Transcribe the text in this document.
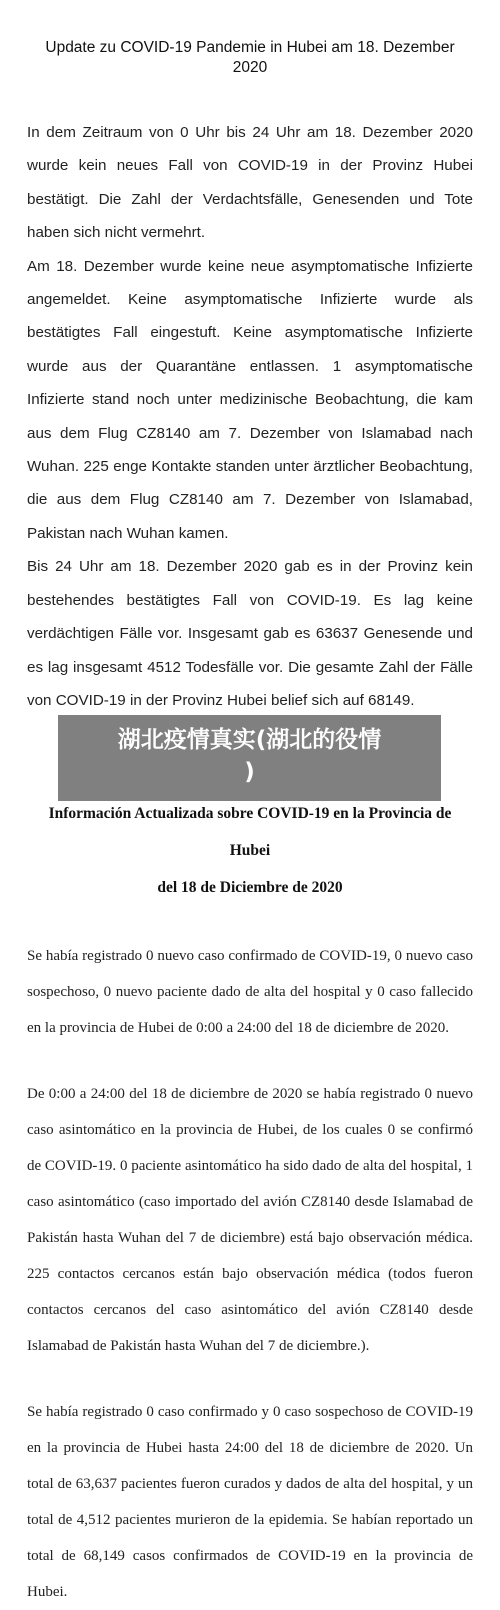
Update zu COVID-19 Pandemie in Hubei am 18. Dezember 2020

In dem Zeitraum von 0 Uhr bis 24 Uhr am 18. Dezember 2020 wurde kein neues Fall von COVID-19 in der Provinz Hubei bestätigt. Die Zahl der Verdachtsfälle, Genesenden und Tote haben sich nicht vermehrt.

Am 18. Dezember wurde keine neue asymptomatische Infizierte angemeldet. Keine asymptomatische Infizierte wurde als bestätigtes Fall eingestuft. Keine asymptomatische Infizierte wurde aus der Quarantäne entlassen. 1 asymptomatische Infizierte stand noch unter medizinische Beobachtung, die kam aus dem Flug CZ8140 am 7. Dezember von Islamabad nach Wuhan. 225 enge Kontakte standen unter ärztlicher Beobachtung, die aus dem Flug CZ8140 am 7. Dezember von Islamabad, Pakistan nach Wuhan kamen.

Bis 24 Uhr am 18. Dezember 2020 gab es in der Provinz kein bestehendes bestätigtes Fall von COVID-19. Es lag keine verdächtigen Fälle vor. Insgesamt gab es 63637 Genesende und es lag insgesamt 4512 Todesfälle vor. Die gesamte Zahl der Fälle von COVID-19 in der Provinz Hubei belief sich auf 68149.

Información Actualizada sobre COVID-19 en la Provincia de Hubei
del 18 de Diciembre de 2020

Se había registrado 0 nuevo caso confirmado de COVID-19, 0 nuevo caso sospechoso, 0 nuevo paciente dado de alta del hospital y 0 caso fallecido en la provincia de Hubei de 0:00 a 24:00 del 18 de diciembre de 2020.

De 0:00 a 24:00 del 18 de diciembre de 2020 se había registrado 0 nuevo caso asintomático en la provincia de Hubei, de los cuales 0 se confirmó de COVID-19. 0 paciente asintomático ha sido dado de alta del hospital, 1 caso asintomático (caso importado del avión CZ8140 desde Islamabad de Pakistán hasta Wuhan del 7 de diciembre) está bajo observación médica. 225 contactos cercanos están bajo observación médica (todos fueron contactos cercanos del caso asintomático del avión CZ8140 desde Islamabad de Pakistán hasta Wuhan del 7 de diciembre.).

Se había registrado 0 caso confirmado y 0 caso sospechoso de COVID-19 en la provincia de Hubei hasta 24:00 del 18 de diciembre de 2020. Un total de 63,637 pacientes fueron curados y dados de alta del hospital, y un total de 4,512 pacientes murieron de la epidemia. Se habían reportado un total de 68,149 casos confirmados de COVID-19 en la provincia de Hubei.

湖北疫情真实(湖北的役情
)
